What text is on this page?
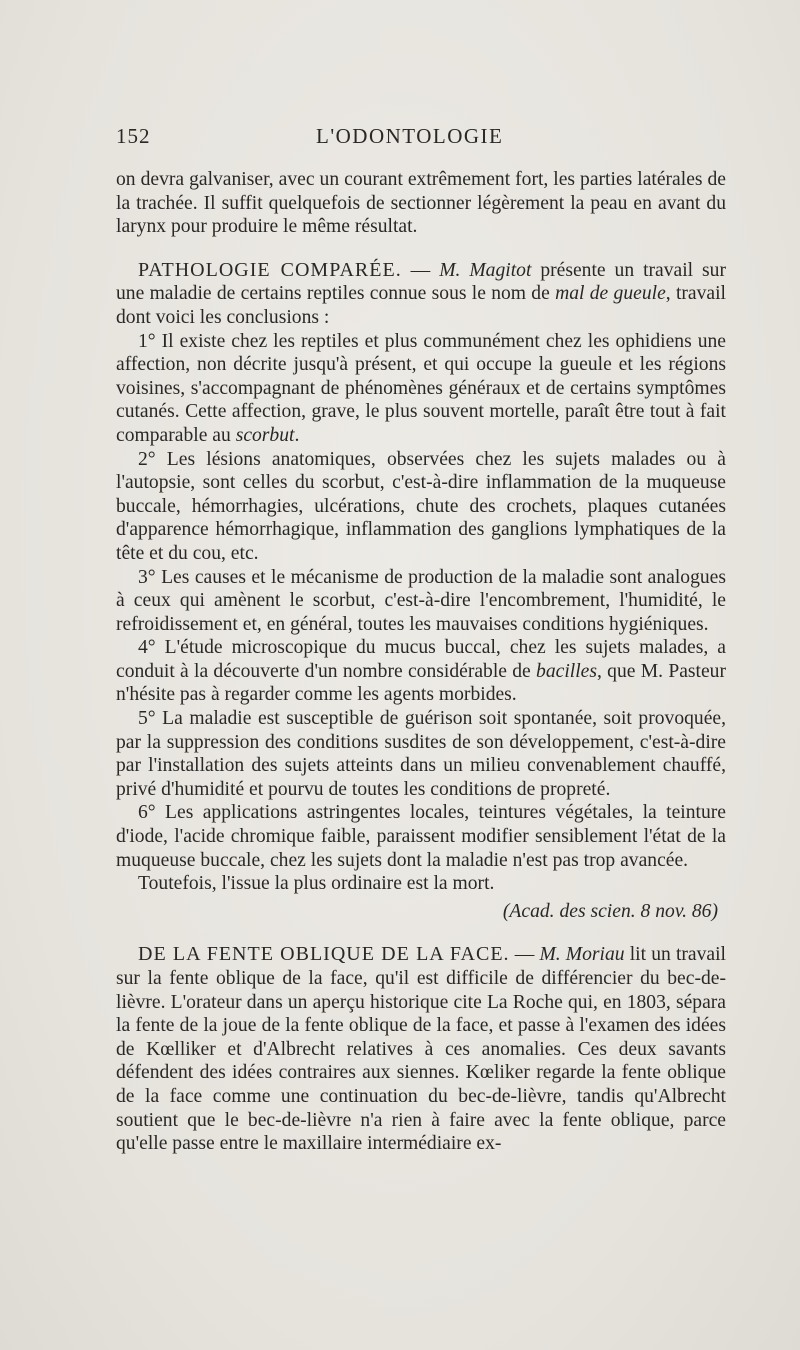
152	L'ODONTOLOGIE

on devra galvaniser, avec un courant extrêmement fort, les parties latérales de la trachée. Il suffit quelquefois de sectionner légèrement la peau en avant du larynx pour produire le même résultat.

PATHOLOGIE COMPARÉE. — M. Magitot présente un travail sur une maladie de certains reptiles connue sous le nom de mal de gueule, travail dont voici les conclusions :

1° Il existe chez les reptiles et plus communément chez les ophidiens une affection, non décrite jusqu'à présent, et qui occupe la gueule et les régions voisines, s'accompagnant de phénomènes généraux et de certains symptômes cutanés. Cette affection, grave, le plus souvent mortelle, paraît être tout à fait comparable au scorbut.

2° Les lésions anatomiques, observées chez les sujets malades ou à l'autopsie, sont celles du scorbut, c'est-à-dire inflammation de la muqueuse buccale, hémorrhagies, ulcérations, chute des crochets, plaques cutanées d'apparence hémorrhagique, inflammation des ganglions lymphatiques de la tête et du cou, etc.

3° Les causes et le mécanisme de production de la maladie sont analogues à ceux qui amènent le scorbut, c'est-à-dire l'encombrement, l'humidité, le refroidissement et, en général, toutes les mauvaises conditions hygiéniques.

4° L'étude microscopique du mucus buccal, chez les sujets malades, a conduit à la découverte d'un nombre considérable de bacilles, que M. Pasteur n'hésite pas à regarder comme les agents morbides.

5° La maladie est susceptible de guérison soit spontanée, soit provoquée, par la suppression des conditions susdites de son développement, c'est-à-dire par l'installation des sujets atteints dans un milieu convenablement chauffé, privé d'humidité et pourvu de toutes les conditions de propreté.

6° Les applications astringentes locales, teintures végétales, la teinture d'iode, l'acide chromique faible, paraissent modifier sensiblement l'état de la muqueuse buccale, chez les sujets dont la maladie n'est pas trop avancée.

Toutefois, l'issue la plus ordinaire est la mort.

(Acad. des scien. 8 nov. 86)

DE LA FENTE OBLIQUE DE LA FACE. — M. Moriau lit un travail sur la fente oblique de la face, qu'il est difficile de différencier du bec-de-lièvre. L'orateur dans un aperçu historique cite La Roche qui, en 1803, sépara la fente de la joue de la fente oblique de la face, et passe à l'examen des idées de Kœlliker et d'Albrecht relatives à ces anomalies. Ces deux savants défendent des idées contraires aux siennes. Kœliker regarde la fente oblique de la face comme une continuation du bec-de-lièvre, tandis qu'Albrecht soutient que le bec-de-lièvre n'a rien à faire avec la fente oblique, parce qu'elle passe entre le maxillaire intermédiaire ex-
